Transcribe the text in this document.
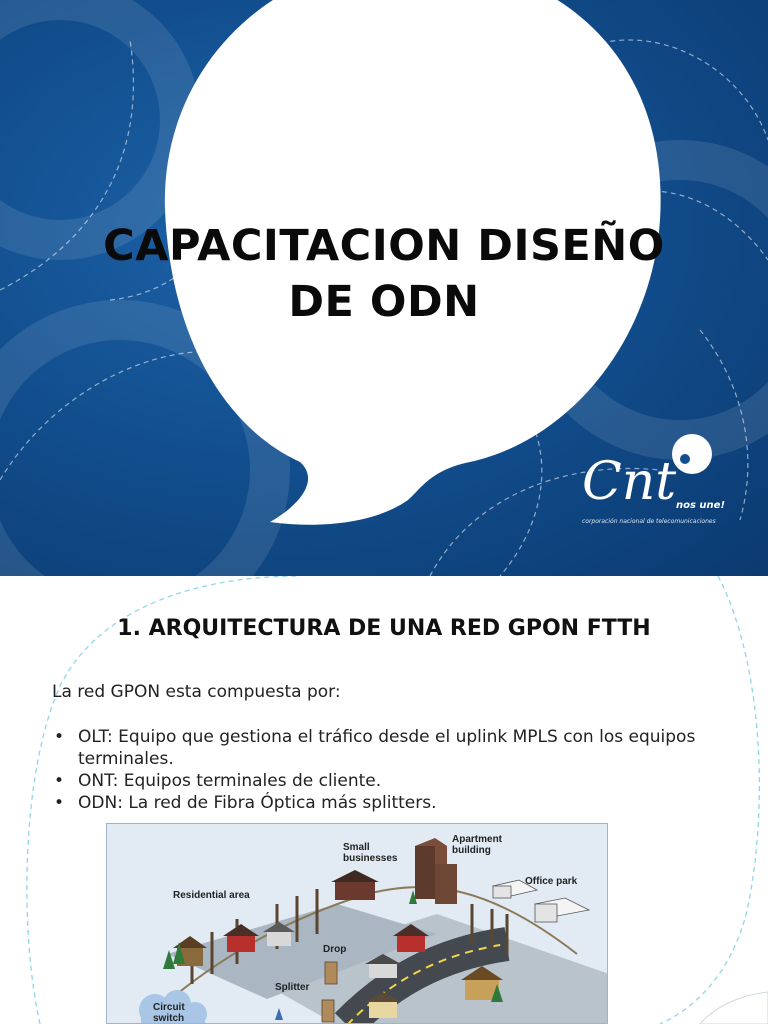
CAPACITACION DISEÑO
DE ODN
Cnt nos une!
corporación nacional de telecomunicaciones
1. ARQUITECTURA DE UNA RED GPON FTTH
La red GPON esta compuesta por:
• OLT: Equipo que gestiona el tráfico desde el uplink MPLS con los equipos terminales.
• ONT: Equipos terminales de cliente.
• ODN: La red de Fibra Óptica más splitters.
Small
businesses
Apartment
building
Office park
Residential area
Drop
Splitter
Circuit
switch
